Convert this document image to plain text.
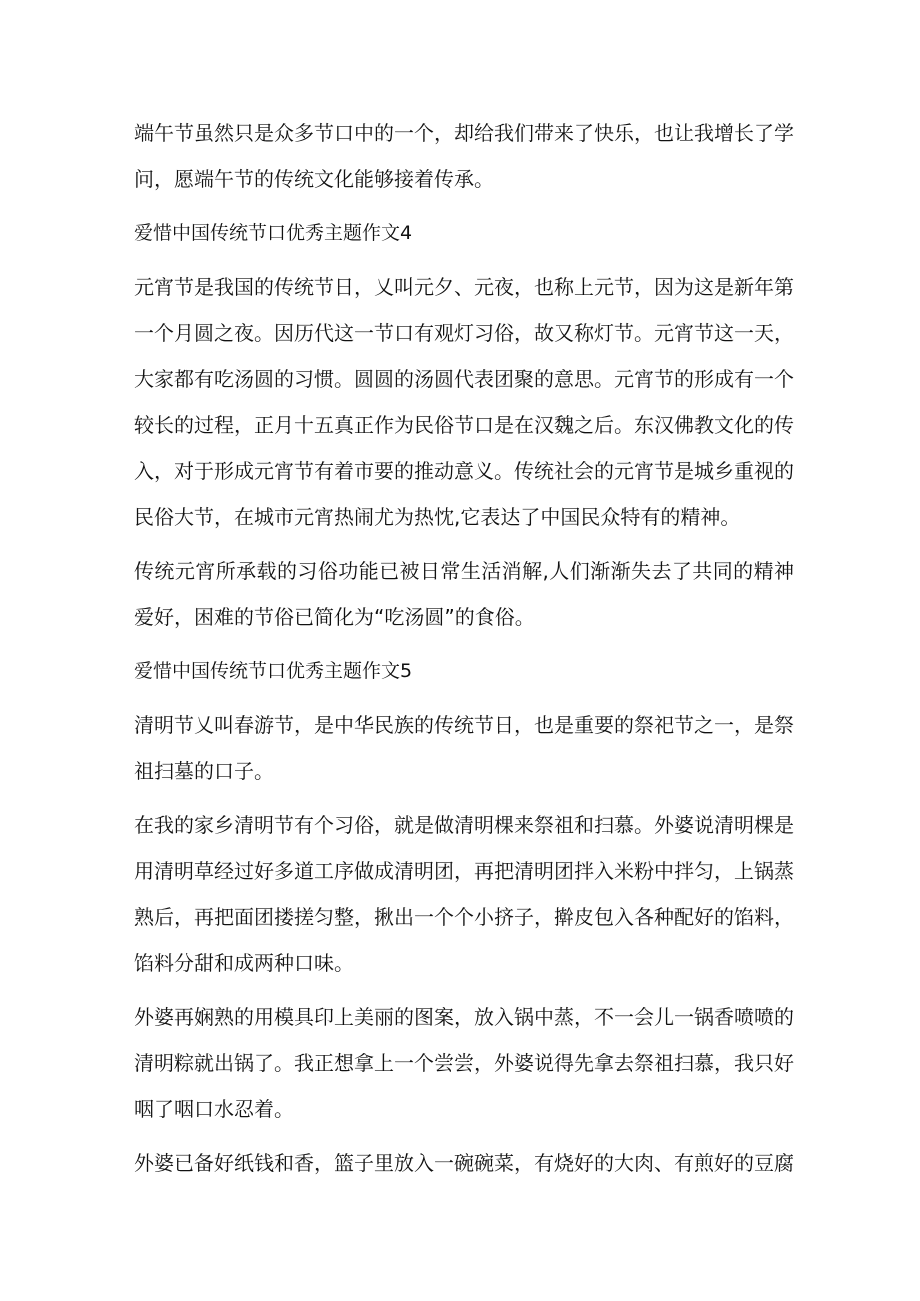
端午节虽然只是众多节口中的一个，却给我们带来了快乐，也让我增长了学

问，愿端午节的传统文化能够接着传承。

爱惜中国传统节口优秀主题作文4

元宵节是我国的传统节日，乂叫元夕、元夜，也称上元节，因为这是新年第

一个月圆之夜。因历代这一节口有观灯习俗，故又称灯节。元宵节这一天，

大家都有吃汤圆的习惯。圆圆的汤圆代表团聚的意思。元宵节的形成有一个

较长的过程，正月十五真正作为民俗节口是在汉魏之后。东汉佛教文化的传

入，对于形成元宵节有着市要的推动意义。传统社会的元宵节是城乡重视的

民俗大节，在城市元宵热闹尤为热忱,它表达了中国民众特有的精神。

传统元宵所承载的习俗功能已被日常生活消解,人们渐渐失去了共同的精神

爱好，困难的节俗已简化为“吃汤圆”的食俗。

爱惜中国传统节口优秀主题作文5

清明节乂叫春游节，是中华民族的传统节日，也是重要的祭祀节之一，是祭

祖扫墓的口子。

在我的家乡清明节有个习俗，就是做清明棵来祭祖和扫慕。外婆说清明棵是

用清明草经过好多道工序做成清明团，再把清明团拌入米粉中拌匀，上锅蒸

熟后，再把面团搂搓匀整，揪出一个个小挤子，擀皮包入各种配好的馅料，

馅料分甜和成两种口味。

外婆再娴熟的用模具印上美丽的图案，放入锅中蒸，不一会儿一锅香喷喷的

清明粽就出锅了。我正想拿上一个尝尝，外婆说得先拿去祭祖扫慕，我只好

咽了咽口水忍着。

外婆已备好纸钱和香，篮子里放入一碗碗菜，有烧好的大肉、有煎好的豆腐
